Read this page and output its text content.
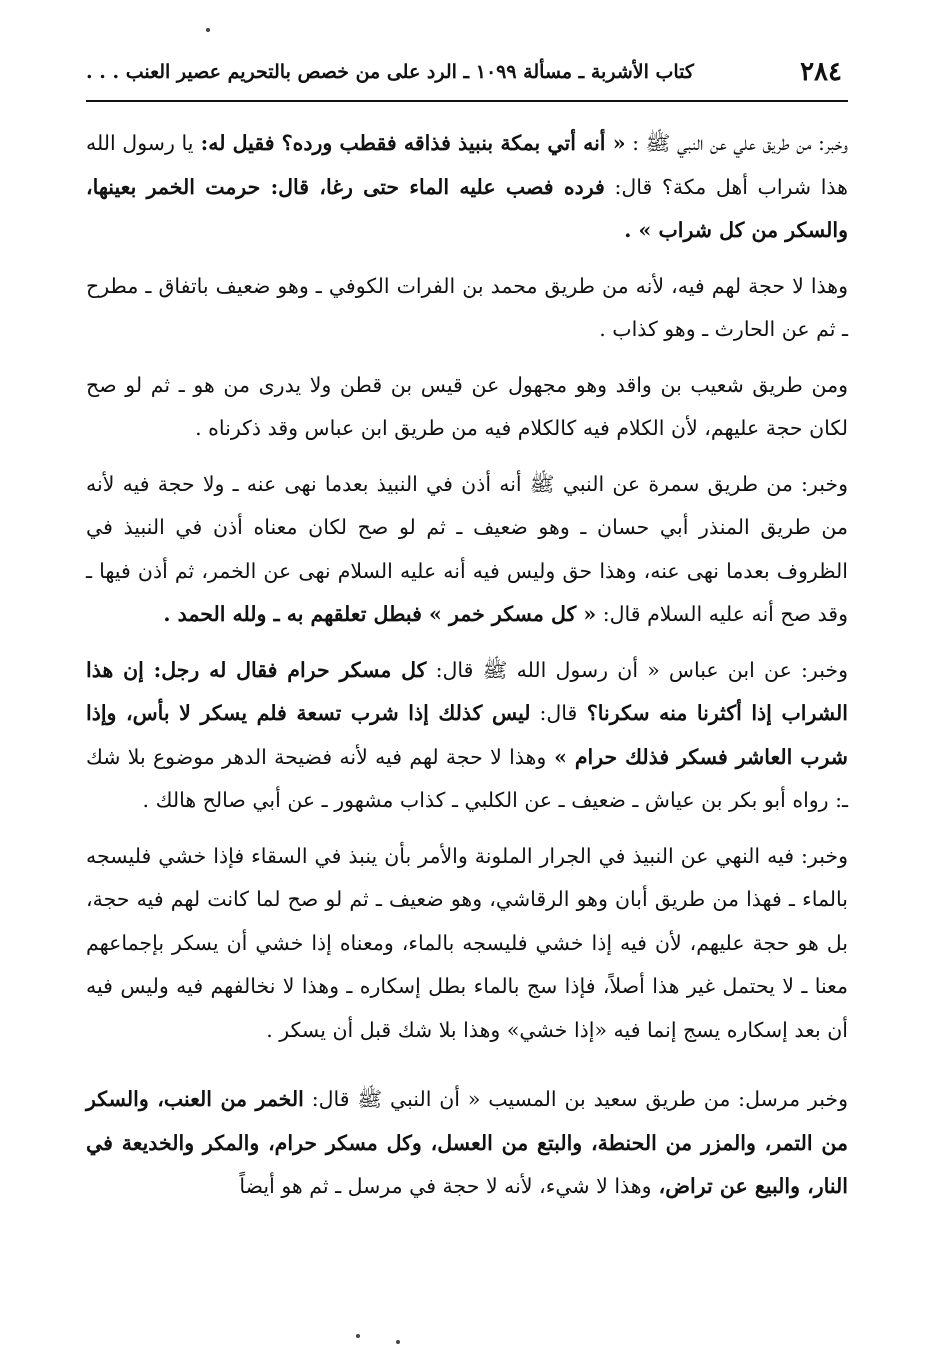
٢٨٤
كتاب الأشربة ـ مسألة ١٠٩٩ ـ الرد على من خصص بالتحريم عصير العنب . . .

وخبر: من طريق علي عن النبي ﷺ : « أنه أتي بمكة بنبيذ فذاقه فقطب ورده؟ فقيل له: يا رسول الله هذا شراب أهل مكة؟ قال: فرده فصب عليه الماء حتى رغا، قال: حرمت الخمر بعينها، والسكر من كل شراب » .

وهذا لا حجة لهم فيه، لأنه من طريق محمد بن الفرات الكوفي ـ وهو ضعيف باتفاق ـ مطرح ـ ثم عن الحارث ـ وهو كذاب .

ومن طريق شعيب بن واقد وهو مجهول عن قيس بن قطن ولا يدرى من هو ـ ثم لو صح لكان حجة عليهم، لأن الكلام فيه كالكلام فيه من طريق ابن عباس وقد ذكرناه .

وخبر: من طريق سمرة عن النبي ﷺ أنه أذن في النبيذ بعدما نهى عنه ـ ولا حجة فيه لأنه من طريق المنذر أبي حسان ـ وهو ضعيف ـ ثم لو صح لكان معناه أذن في النبيذ في الظروف بعدما نهى عنه، وهذا حق وليس فيه أنه عليه السلام نهى عن الخمر، ثم أذن فيها ـ وقد صح أنه عليه السلام قال: « كل مسكر خمر » فبطل تعلقهم به ـ ولله الحمد .

وخبر: عن ابن عباس « أن رسول الله ﷺ قال: كل مسكر حرام فقال له رجل: إن هذا الشراب إذا أكثرنا منه سكرنا؟ قال: ليس كذلك إذا شرب تسعة فلم يسكر لا بأس، وإذا شرب العاشر فسكر فذلك حرام » وهذا لا حجة لهم فيه لأنه فضيحة الدهر موضوع بلا شك ـ: رواه أبو بكر بن عياش ـ ضعيف ـ عن الكلبي ـ كذاب مشهور ـ عن أبي صالح هالك .

وخبر: فيه النهي عن النبيذ في الجرار الملونة والأمر بأن ينبذ في السقاء فإذا خشي فليسجه بالماء ـ فهذا من طريق أبان وهو الرقاشي، وهو ضعيف ـ ثم لو صح لما كانت لهم فيه حجة، بل هو حجة عليهم، لأن فيه إذا خشي فليسجه بالماء، ومعناه إذا خشي أن يسكر بإجماعهم معنا ـ لا يحتمل غير هذا أصلاً، فإذا سج بالماء بطل إسكاره ـ وهذا لا نخالفهم فيه وليس فيه أن بعد إسكاره يسج إنما فيه «إذا خشي» وهذا بلا شك قبل أن يسكر .

وخبر مرسل: من طريق سعيد بن المسيب « أن النبي ﷺ قال: الخمر من العنب، والسكر من التمر، والمزر من الحنطة، والبتع من العسل، وكل مسكر حرام، والمكر والخديعة في النار، والبيع عن تراض، وهذا لا شيء، لأنه لا حجة في مرسل ـ ثم هو أيضاً
